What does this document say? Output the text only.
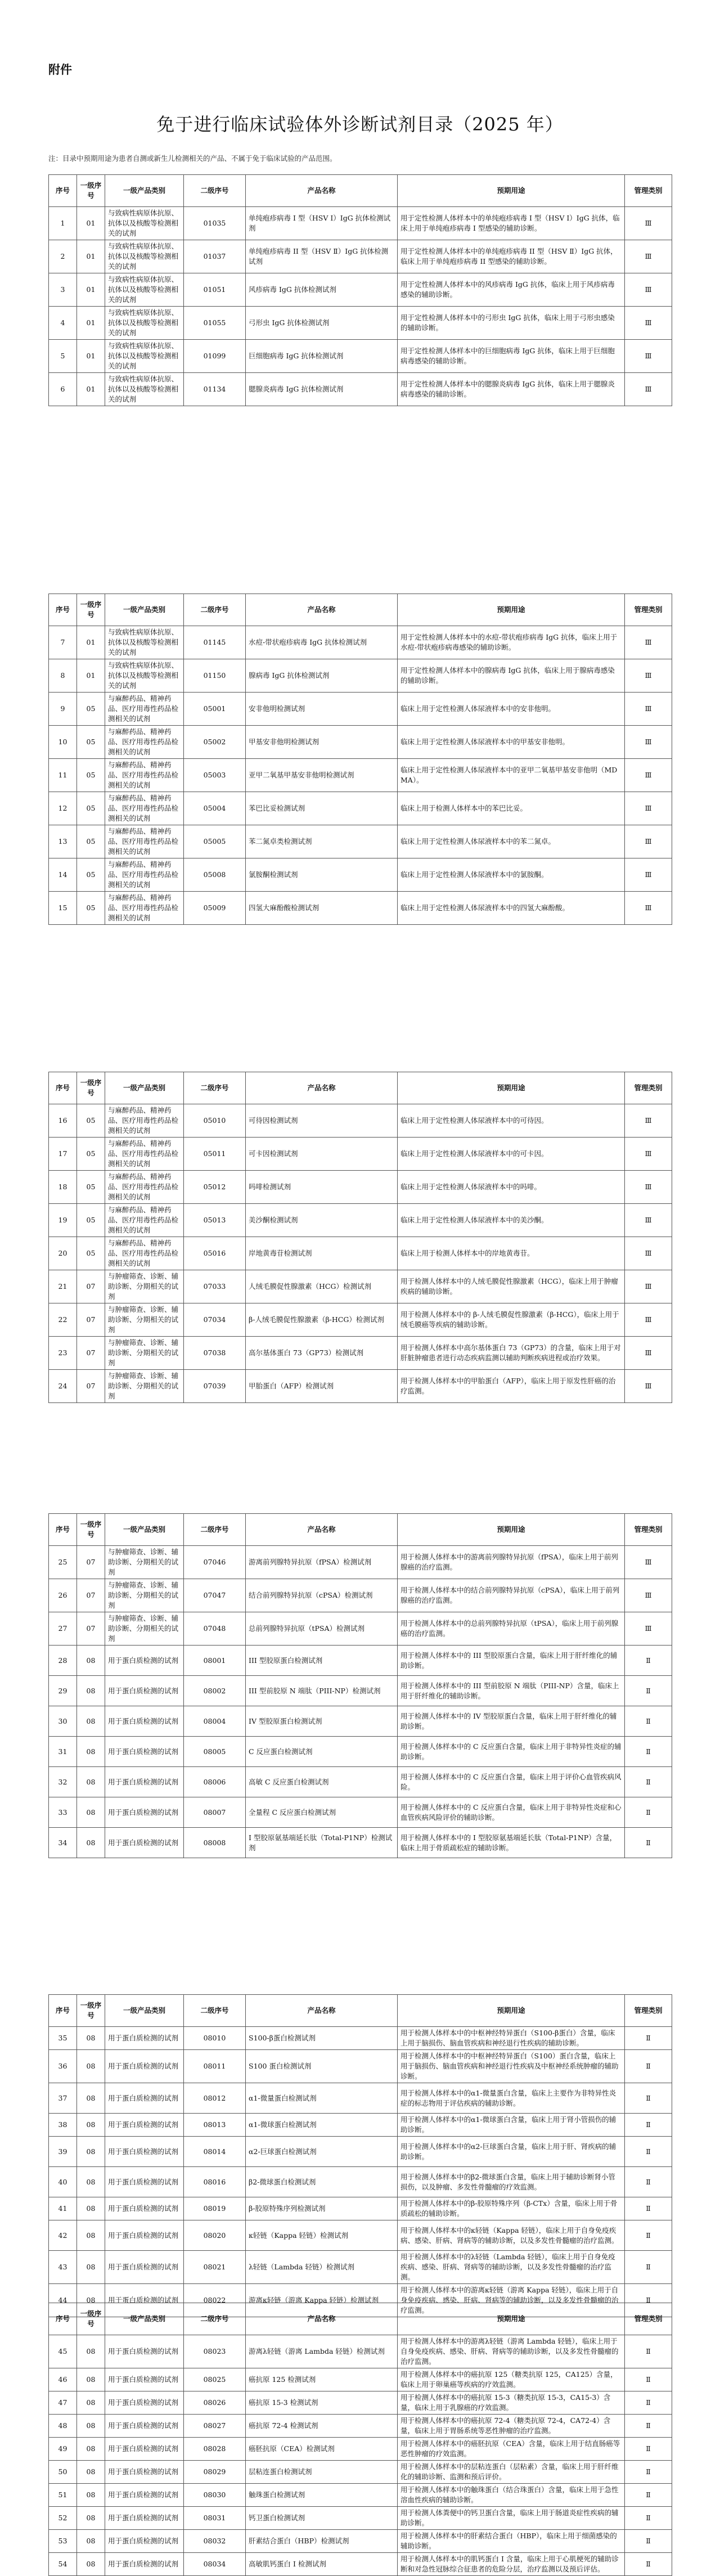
附件
免于进行临床试验体外诊断试剂目录（2025 年）
注：目录中预期用途为患者自测或新生儿检测相关的产品、不属于免于临床试验的产品范围。
序号	一级序号	一级产品类别	二级序号	产品名称	预期用途	管理类别
1	01	与致病性病原体抗原、抗体以及核酸等检测相关的试剂	01035	单纯疱疹病毒 I 型（HSV Ⅰ）IgG 抗体检测试剂	用于定性检测人体样本中的单纯疱疹病毒 I 型（HSV Ⅰ）IgG 抗体，临床上用于单纯疱疹病毒 I 型感染的辅助诊断。	Ⅲ
2	01	与致病性病原体抗原、抗体以及核酸等检测相关的试剂	01037	单纯疱疹病毒 II 型（HSV Ⅱ）IgG 抗体检测试剂	用于定性检测人体样本中的单纯疱疹病毒 II 型（HSV Ⅱ）IgG 抗体，临床上用于单纯疱疹病毒 II 型感染的辅助诊断。	Ⅲ
3	01	与致病性病原体抗原、抗体以及核酸等检测相关的试剂	01051	风疹病毒 IgG 抗体检测试剂	用于定性检测人体样本中的风疹病毒 IgG 抗体，临床上用于风疹病毒感染的辅助诊断。	Ⅲ
4	01	与致病性病原体抗原、抗体以及核酸等检测相关的试剂	01055	弓形虫 IgG 抗体检测试剂	用于定性检测人体样本中的弓形虫 IgG 抗体，临床上用于弓形虫感染的辅助诊断。	Ⅲ
5	01	与致病性病原体抗原、抗体以及核酸等检测相关的试剂	01099	巨细胞病毒 IgG 抗体检测试剂	用于定性检测人体样本中的巨细胞病毒 IgG 抗体，临床上用于巨细胞病毒感染的辅助诊断。	Ⅲ
6	01	与致病性病原体抗原、抗体以及核酸等检测相关的试剂	01134	腮腺炎病毒 IgG 抗体检测试剂	用于定性检测人体样本中的腮腺炎病毒 IgG 抗体，临床上用于腮腺炎病毒感染的辅助诊断。	Ⅲ
序号	一级序号	一级产品类别	二级序号	产品名称	预期用途	管理类别
7	01	与致病性病原体抗原、抗体以及核酸等检测相关的试剂	01145	水痘-带状疱疹病毒 IgG 抗体检测试剂	用于定性检测人体样本中的水痘-带状疱疹病毒 IgG 抗体，临床上用于水痘-带状疱疹病毒感染的辅助诊断。	Ⅲ
8	01	与致病性病原体抗原、抗体以及核酸等检测相关的试剂	01150	腺病毒 IgG 抗体检测试剂	用于定性检测人体样本中的腺病毒 IgG 抗体，临床上用于腺病毒感染的辅助诊断。	Ⅲ
9	05	与麻醉药品、精神药品、医疗用毒性药品检测相关的试剂	05001	安非他明检测试剂	临床上用于定性检测人体尿液样本中的安非他明。	Ⅲ
10	05	与麻醉药品、精神药品、医疗用毒性药品检测相关的试剂	05002	甲基安非他明检测试剂	临床上用于定性检测人体尿液样本中的甲基安非他明。	Ⅲ
11	05	与麻醉药品、精神药品、医疗用毒性药品检测相关的试剂	05003	亚甲二氧基甲基安非他明检测试剂	临床上用于定性检测人体尿液样本中的亚甲二氧基甲基安非他明（MDMA）。	Ⅲ
12	05	与麻醉药品、精神药品、医疗用毒性药品检测相关的试剂	05004	苯巴比妥检测试剂	临床上用于检测人体样本中的苯巴比妥。	Ⅲ
13	05	与麻醉药品、精神药品、医疗用毒性药品检测相关的试剂	05005	苯二氮卓类检测试剂	临床上用于定性检测人体尿液样本中的苯二氮卓。	Ⅲ
14	05	与麻醉药品、精神药品、医疗用毒性药品检测相关的试剂	05008	氯胺酮检测试剂	临床上用于定性检测人体尿液样本中的氯胺酮。	Ⅲ
15	05	与麻醉药品、精神药品、医疗用毒性药品检测相关的试剂	05009	四氢大麻酚酸检测试剂	临床上用于定性检测人体尿液样本中的四氢大麻酚酸。	Ⅲ
序号	一级序号	一级产品类别	二级序号	产品名称	预期用途	管理类别
16	05	与麻醉药品、精神药品、医疗用毒性药品检测相关的试剂	05010	可待因检测试剂	临床上用于定性检测人体尿液样本中的可待因。	Ⅲ
17	05	与麻醉药品、精神药品、医疗用毒性药品检测相关的试剂	05011	可卡因检测试剂	临床上用于定性检测人体尿液样本中的可卡因。	Ⅲ
18	05	与麻醉药品、精神药品、医疗用毒性药品检测相关的试剂	05012	吗啡检测试剂	临床上用于定性检测人体尿液样本中的吗啡。	Ⅲ
19	05	与麻醉药品、精神药品、医疗用毒性药品检测相关的试剂	05013	美沙酮检测试剂	临床上用于定性检测人体尿液样本中的美沙酮。	Ⅲ
20	05	与麻醉药品、精神药品、医疗用毒性药品检测相关的试剂	05016	岸地黄毒苷检测试剂	临床上用于检测人体样本中的岸地黄毒苷。	Ⅲ
21	07	与肿瘤筛查、诊断、辅助诊断、分期相关的试剂	07033	人绒毛膜促性腺激素（HCG）检测试剂	用于检测人体样本中的人绒毛膜促性腺激素（HCG），临床上用于肿瘤疾病的辅助诊断。	Ⅲ
22	07	与肿瘤筛查、诊断、辅助诊断、分期相关的试剂	07034	β-人绒毛膜促性腺激素（β-HCG）检测试剂	用于检测人体样本中的 β-人绒毛膜促性腺激素（β-HCG），临床上用于绒毛膜癌等疾病的辅助诊断。	Ⅲ
23	07	与肿瘤筛查、诊断、辅助诊断、分期相关的试剂	07038	高尔基体蛋白 73（GP73）检测试剂	用于检测人体样本中高尔基体蛋白 73（GP73）的含量，临床上用于对肝脏肿瘤患者进行动态疾病监测以辅助判断疾病进程或治疗效果。	Ⅲ
24	07	与肿瘤筛查、诊断、辅助诊断、分期相关的试剂	07039	甲胎蛋白（AFP）检测试剂	用于检测人体样本中的甲胎蛋白（AFP），临床上用于原发性肝癌的治疗监测。	Ⅲ
序号	一级序号	一级产品类别	二级序号	产品名称	预期用途	管理类别
25	07	与肿瘤筛查、诊断、辅助诊断、分期相关的试剂	07046	游离前列腺特异抗原（fPSA）检测试剂	用于检测人体样本中的游离前列腺特异抗原（fPSA），临床上用于前列腺癌的治疗监测。	Ⅲ
26	07	与肿瘤筛查、诊断、辅助诊断、分期相关的试剂	07047	结合前列腺特异抗原（cPSA）检测试剂	用于检测人体样本中的结合前列腺特异抗原（cPSA），临床上用于前列腺癌的治疗监测。	Ⅲ
27	07	与肿瘤筛查、诊断、辅助诊断、分期相关的试剂	07048	总前列腺特异抗原（tPSA）检测试剂	用于检测人体样本中的总前列腺特异抗原（tPSA），临床上用于前列腺癌的治疗监测。	Ⅲ
28	08	用于蛋白质检测的试剂	08001	III 型胶原蛋白检测试剂	用于检测人体样本中的 III 型胶原蛋白含量，临床上用于肝纤维化的辅助诊断。	Ⅱ
29	08	用于蛋白质检测的试剂	08002	III 型前胶原 N 端肽（PIII-NP）检测试剂	用于检测人体样本中的 III 型前胶原 N 端肽（PIII-NP）含量，临床上用于肝纤维化的辅助诊断。	Ⅱ
30	08	用于蛋白质检测的试剂	08004	IV 型胶原蛋白检测试剂	用于检测人体样本中的 IV 型胶原蛋白含量，临床上用于肝纤维化的辅助诊断。	Ⅱ
31	08	用于蛋白质检测的试剂	08005	C 反应蛋白检测试剂	用于检测人体样本中的 C 反应蛋白含量，临床上用于非特异性炎症的辅助诊断。	Ⅱ
32	08	用于蛋白质检测的试剂	08006	高敏 C 反应蛋白检测试剂	用于检测人体样本中的 C 反应蛋白含量，临床上用于评价心血管疾病风险。	Ⅱ
33	08	用于蛋白质检测的试剂	08007	全量程 C 反应蛋白检测试剂	用于检测人体样本中的 C 反应蛋白含量，临床上用于非特异性炎症和心血管疾病风险评价的辅助诊断。	Ⅱ
34	08	用于蛋白质检测的试剂	08008	I 型胶原氨基端延长肽（Total-P1NP）检测试剂	用于检测人体样本中的 I 型胶原氨基端延长肽（Total-P1NP）含量，临床上用于骨质疏松症的辅助诊断。	Ⅱ
序号	一级序号	一级产品类别	二级序号	产品名称	预期用途	管理类别
35	08	用于蛋白质检测的试剂	08010	S100-β蛋白检测试剂	用于检测人体样本中的中枢神经特异蛋白（S100-β蛋白）含量，临床上用于脑损伤、脑血管疾病和神经退行性疾病的辅助诊断。	Ⅱ
36	08	用于蛋白质检测的试剂	08011	S100 蛋白检测试剂	用于检测人体样本中的中枢神经特异蛋白（S100）蛋白含量，临床上用于脑损伤、脑血管疾病和神经退行性疾病及中枢神经系统肿瘤的辅助诊断。	Ⅱ
37	08	用于蛋白质检测的试剂	08012	α1-微量蛋白检测试剂	用于检测人体样本中的α1-微量蛋白含量，临床上主要作为非特异性炎症的标志物用于评估疾病的辅助诊断。	Ⅱ
38	08	用于蛋白质检测的试剂	08013	α1-微球蛋白检测试剂	用于检测人体样本中的α1-微球蛋白含量，临床上用于肾小管损伤的辅助诊断。	Ⅱ
39	08	用于蛋白质检测的试剂	08014	α2-巨球蛋白检测试剂	用于检测人体样本中的α2-巨球蛋白含量，临床上用于肝、肾疾病的辅助诊断。	Ⅱ
40	08	用于蛋白质检测的试剂	08016	β2-微球蛋白检测试剂	用于检测人体样本中的β2-微球蛋白含量，临床上用于辅助诊断肾小管损伤，以及肿瘤、多发性骨髓瘤的疗效监测。	Ⅱ
41	08	用于蛋白质检测的试剂	08019	β-胶原特殊序列检测试剂	用于检测人体样本中的β-胶原特殊序列（β-CTx）含量，临床上用于骨质疏松的辅助诊断。	Ⅱ
42	08	用于蛋白质检测的试剂	08020	κ轻链（Kappa 轻链）检测试剂	用于检测人体样本中的κ轻链（Kappa 轻链），临床上用于自身免疫疾病、感染、肝病、肾病等的辅助诊断，以及多发性骨髓瘤的治疗监测。	Ⅱ
43	08	用于蛋白质检测的试剂	08021	λ轻链（Lambda 轻链）检测试剂	用于检测人体样本中的λ轻链（Lambda 轻链），临床上用于自身免疫疾病、感染、肝病、肾病等的辅助诊断，以及多发性骨髓瘤的治疗监测。	Ⅱ
44	08	用于蛋白质检测的试剂	08022	游离κ轻链（游离 Kappa 轻链）检测试剂	用于检测人体样本中的游离κ轻链（游离 Kappa 轻链），临床上用于自身免疫疾病、感染、肝病、肾病等的辅助诊断，以及多发性骨髓瘤的治疗监测。	Ⅱ
序号	一级序号	一级产品类别	二级序号	产品名称	预期用途	管理类别
45	08	用于蛋白质检测的试剂	08023	游离λ轻链（游离 Lambda 轻链）检测试剂	用于检测人体样本中的游离λ轻链（游离 Lambda 轻链），临床上用于自身免疫疾病、感染、肝病、肾病等的辅助诊断，以及多发性骨髓瘤的治疗监测。	Ⅱ
46	08	用于蛋白质检测的试剂	08025	癌抗原 125 检测试剂	用于检测人体样本中的癌抗原 125（糖类抗原 125，CA125）含量，临床上用于卵巢癌等疾病的疗效监测。	Ⅱ
47	08	用于蛋白质检测的试剂	08026	癌抗原 15-3 检测试剂	用于检测人体样本中的癌抗原 15-3（糖类抗原 15-3，CA15-3）含量，临床上用于乳腺癌的疗效监测。	Ⅱ
48	08	用于蛋白质检测的试剂	08027	癌抗原 72-4 检测试剂	用于检测人体样本中的癌抗原 72-4（糖类抗原 72-4，CA72-4）含量，临床上用于胃肠系统等恶性肿瘤的治疗监测。	Ⅱ
49	08	用于蛋白质检测的试剂	08028	癌胚抗原（CEA）检测试剂	用于检测人体样本中的癌胚抗原（CEA）含量，临床上用于结直肠癌等恶性肿瘤的疗效监测。	Ⅱ
50	08	用于蛋白质检测的试剂	08029	层粘连蛋白检测试剂	用于检测人体样本中的层粘连蛋白（层粘素）含量，临床上用于肝纤维化的辅助诊断、监测和预后评价。	Ⅱ
51	08	用于蛋白质检测的试剂	08030	触珠蛋白检测试剂	用于检测人体样本中的触珠蛋白（结合珠蛋白）含量，临床上用于急性溶血性疾病的辅助诊断。	Ⅱ
52	08	用于蛋白质检测的试剂	08031	钙卫蛋白检测试剂	用于检测人体粪便中的钙卫蛋白含量，临床上用于肠道炎症性疾病的辅助诊断。	Ⅱ
53	08	用于蛋白质检测的试剂	08032	肝素结合蛋白（HBP）检测试剂	用于检测人体样本中的肝素结合蛋白（HBP），临床上用于细菌感染的辅助诊断。	Ⅱ
54	08	用于蛋白质检测的试剂	08034	高敏肌钙蛋白 I 检测试剂	用于检测人体样本中的肌钙蛋白 I 含量，临床上用于心肌梗死的辅助诊断和对急性冠脉综合征患者的危险分层，治疗监测以及预后评估。	Ⅱ
